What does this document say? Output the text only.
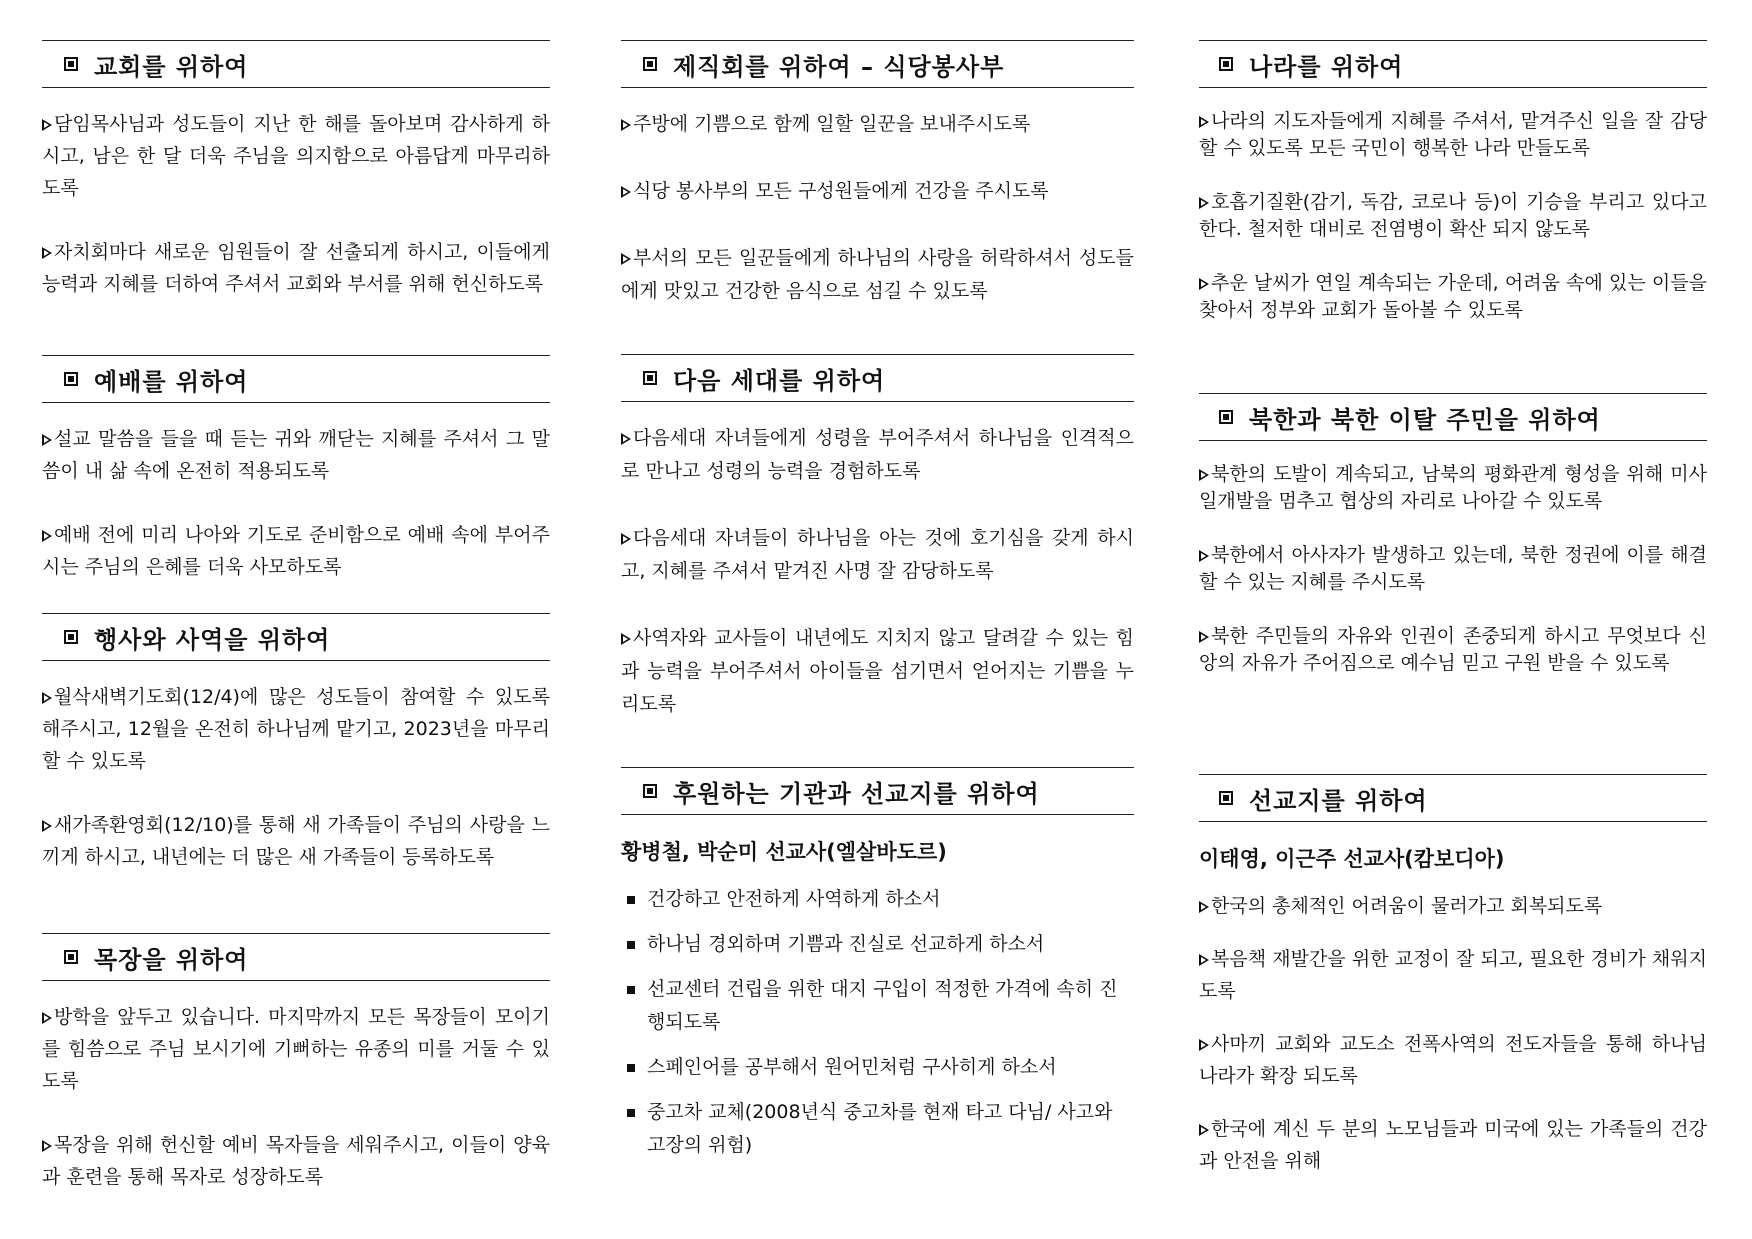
교회를 위하여

담임목사님과 성도들이 지난 한 해를 돌아보며 감사하게 하시고, 남은 한 달 더욱 주님을 의지함으로 아름답게 마무리하도록

자치회마다 새로운 임원들이 잘 선출되게 하시고, 이들에게 능력과 지혜를 더하여 주셔서 교회와 부서를 위해 헌신하도록

예배를 위하여

설교 말씀을 들을 때 듣는 귀와 깨닫는 지혜를 주셔서 그 말씀이 내 삶 속에 온전히 적용되도록

예배 전에 미리 나아와 기도로 준비함으로 예배 속에 부어주시는 주님의 은혜를 더욱 사모하도록

행사와 사역을 위하여

월삭새벽기도회(12/4)에 많은 성도들이 참여할 수 있도록 해주시고, 12월을 온전히 하나님께 맡기고, 2023년을 마무리할 수 있도록

새가족환영회(12/10)를 통해 새 가족들이 주님의 사랑을 느끼게 하시고, 내년에는 더 많은 새 가족들이 등록하도록

목장을 위하여

방학을 앞두고 있습니다. 마지막까지 모든 목장들이 모이기를 힘씀으로 주님 보시기에 기뻐하는 유종의 미를 거둘 수 있도록

목장을 위해 헌신할 예비 목자들을 세워주시고, 이들이 양육과 훈련을 통해 목자로 성장하도록

제직회를 위하여 – 식당봉사부

주방에 기쁨으로 함께 일할 일꾼을 보내주시도록

식당 봉사부의 모든 구성원들에게 건강을 주시도록

부서의 모든 일꾼들에게 하나님의 사랑을 허락하셔서 성도들에게 맛있고 건강한 음식으로 섬길 수 있도록

다음 세대를 위하여

다음세대 자녀들에게 성령을 부어주셔서 하나님을 인격적으로 만나고 성령의 능력을 경험하도록

다음세대 자녀들이 하나님을 아는 것에 호기심을 갖게 하시고, 지혜를 주셔서 맡겨진 사명 잘 감당하도록

사역자와 교사들이 내년에도 지치지 않고 달려갈 수 있는 힘과 능력을 부어주셔서 아이들을 섬기면서 얻어지는 기쁨을 누리도록

후원하는 기관과 선교지를 위하여
황병철, 박순미 선교사(엘살바도르)
건강하고 안전하게 사역하게 하소서
하나님 경외하며 기쁨과 진실로 선교하게 하소서
선교센터 건립을 위한 대지 구입이 적정한 가격에 속히 진행되도록
스페인어를 공부해서 원어민처럼 구사히게 하소서
중고차 교체(2008년식 중고차를 현재 타고 다님/ 사고와 고장의 위험)
나라를 위하여

나라의 지도자들에게 지혜를 주셔서, 맡겨주신 일을 잘 감당할 수 있도록 모든 국민이 행복한 나라 만들도록

호흡기질환(감기, 독감, 코로나 등)이 기승을 부리고 있다고 한다. 철저한 대비로 전염병이 확산 되지 않도록

추운 날씨가 연일 계속되는 가운데, 어려움 속에 있는 이들을 찾아서 정부와 교회가 돌아볼 수 있도록

북한과 북한 이탈 주민을 위하여

북한의 도발이 계속되고, 남북의 평화관계 형성을 위해 미사일개발을 멈추고 협상의 자리로 나아갈 수 있도록

북한에서 아사자가 발생하고 있는데, 북한 정권에 이를 해결할 수 있는 지혜를 주시도록

북한 주민들의 자유와 인권이 존중되게 하시고 무엇보다 신앙의 자유가 주어짐으로 예수님 믿고 구원 받을 수 있도록

선교지를 위하여
이태영, 이근주 선교사(캄보디아)

한국의 총체적인 어려움이 물러가고 회복되도록

복음책 재발간을 위한 교정이 잘 되고, 필요한 경비가 채워지도록

사마끼 교회와 교도소 전폭사역의 전도자들을 통해 하나님 나라가 확장 되도록

한국에 계신 두 분의 노모님들과 미국에 있는 가족들의 건강과 안전을 위해
